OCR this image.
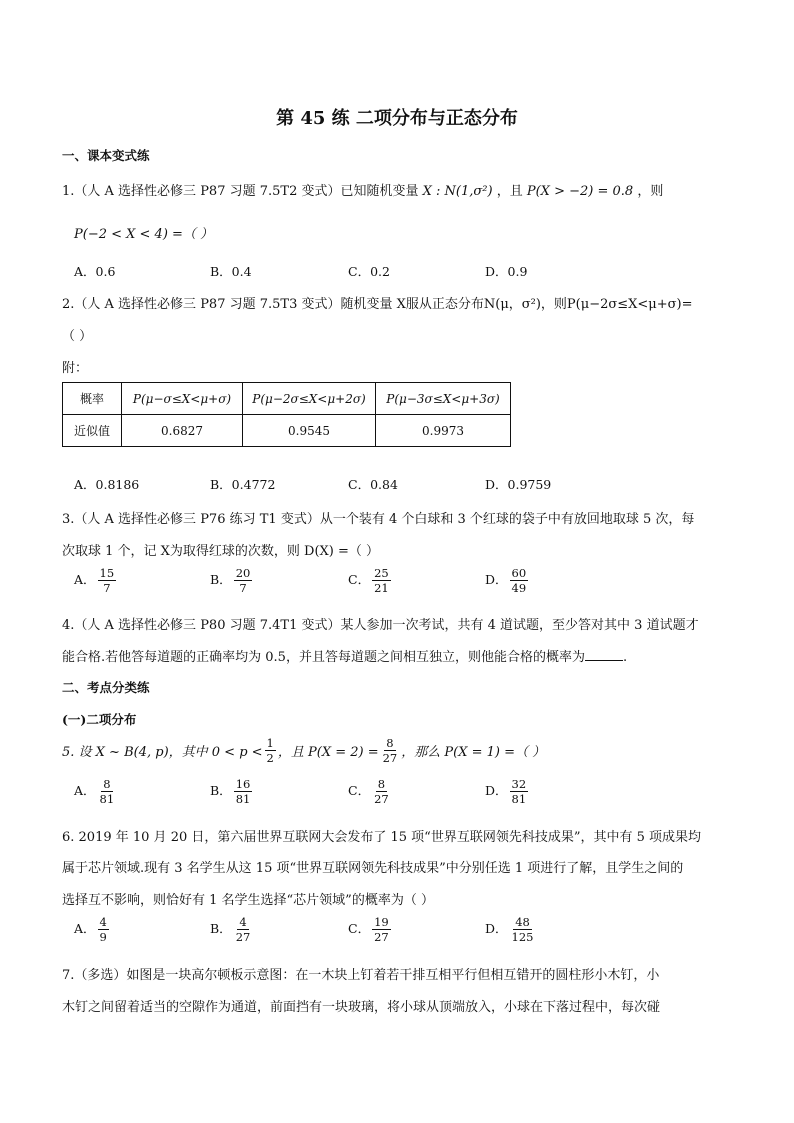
第 45 练 二项分布与正态分布
一、课本变式练
1.（人 A 选择性必修三 P87 习题 7.5T2 变式）已知随机变量 X : N(1,σ²) ，且 P(X > −2) = 0.8 ，则
P(−2 < X < 4) =（ ）
A．0.6	B．0.4	C．0.2	D．0.9
2.（人 A 选择性必修三 P87 习题 7.5T3 变式）随机变量 X服从正态分布N(μ，σ²)，则P(μ−2σ≤X<μ+σ)=
（ ）
附：
概率	P(μ−σ≤X<μ+σ)	P(μ−2σ≤X<μ+2σ)	P(μ−3σ≤X<μ+3σ)
近似值	0.6827	0.9545	0.9973
A．0.8186	B．0.4772	C．0.84	D．0.9759
3.（人 A 选择性必修三 P76 练习 T1 变式）从一个装有 4 个白球和 3 个红球的袋子中有放回地取球 5 次，每
次取球 1 个，记 X为取得红球的次数，则 D(X) =（ ）
A． $\frac{15}{7}$	B． $\frac{20}{7}$	C． $\frac{25}{21}$	D． $\frac{60}{49}$
4.（人 A 选择性必修三 P80 习题 7.4T1 变式）某人参加一次考试，共有 4 道试题，至少答对其中 3 道试题才
能合格.若他答每道题的正确率均为 0.5，并且答每道题之间相互独立，则他能合格的概率为	.
二、考点分类练
(一)二项分布
5. 设 X ~ B(4, p)，其中 $0 < p < \frac{1}{2}$ ，且 $P(X = 2) = \frac{8}{27}$ ，那么 P(X = 1) =（ ）
A． $\frac{8}{81}$	B． $\frac{16}{81}$	C． $\frac{8}{27}$	D． $\frac{32}{81}$
6. 2019 年 10 月 20 日，第六届世界互联网大会发布了 15 项“世界互联网领先科技成果”，其中有 5 项成果均
属于芯片领域.现有 3 名学生从这 15 项“世界互联网领先科技成果”中分别任选 1 项进行了解，且学生之间的
选择互不影响，则恰好有 1 名学生选择“芯片领域”的概率为（ ）
A． $\frac{4}{9}$	B． $\frac{4}{27}$	C． $\frac{19}{27}$	D． $\frac{48}{125}$
7.（多选）如图是一块高尔顿板示意图：在一木块上钉着若干排互相平行但相互错开的圆柱形小木钉，小
木钉之间留着适当的空隙作为通道，前面挡有一块玻璃，将小球从顶端放入，小球在下落过程中，每次碰
